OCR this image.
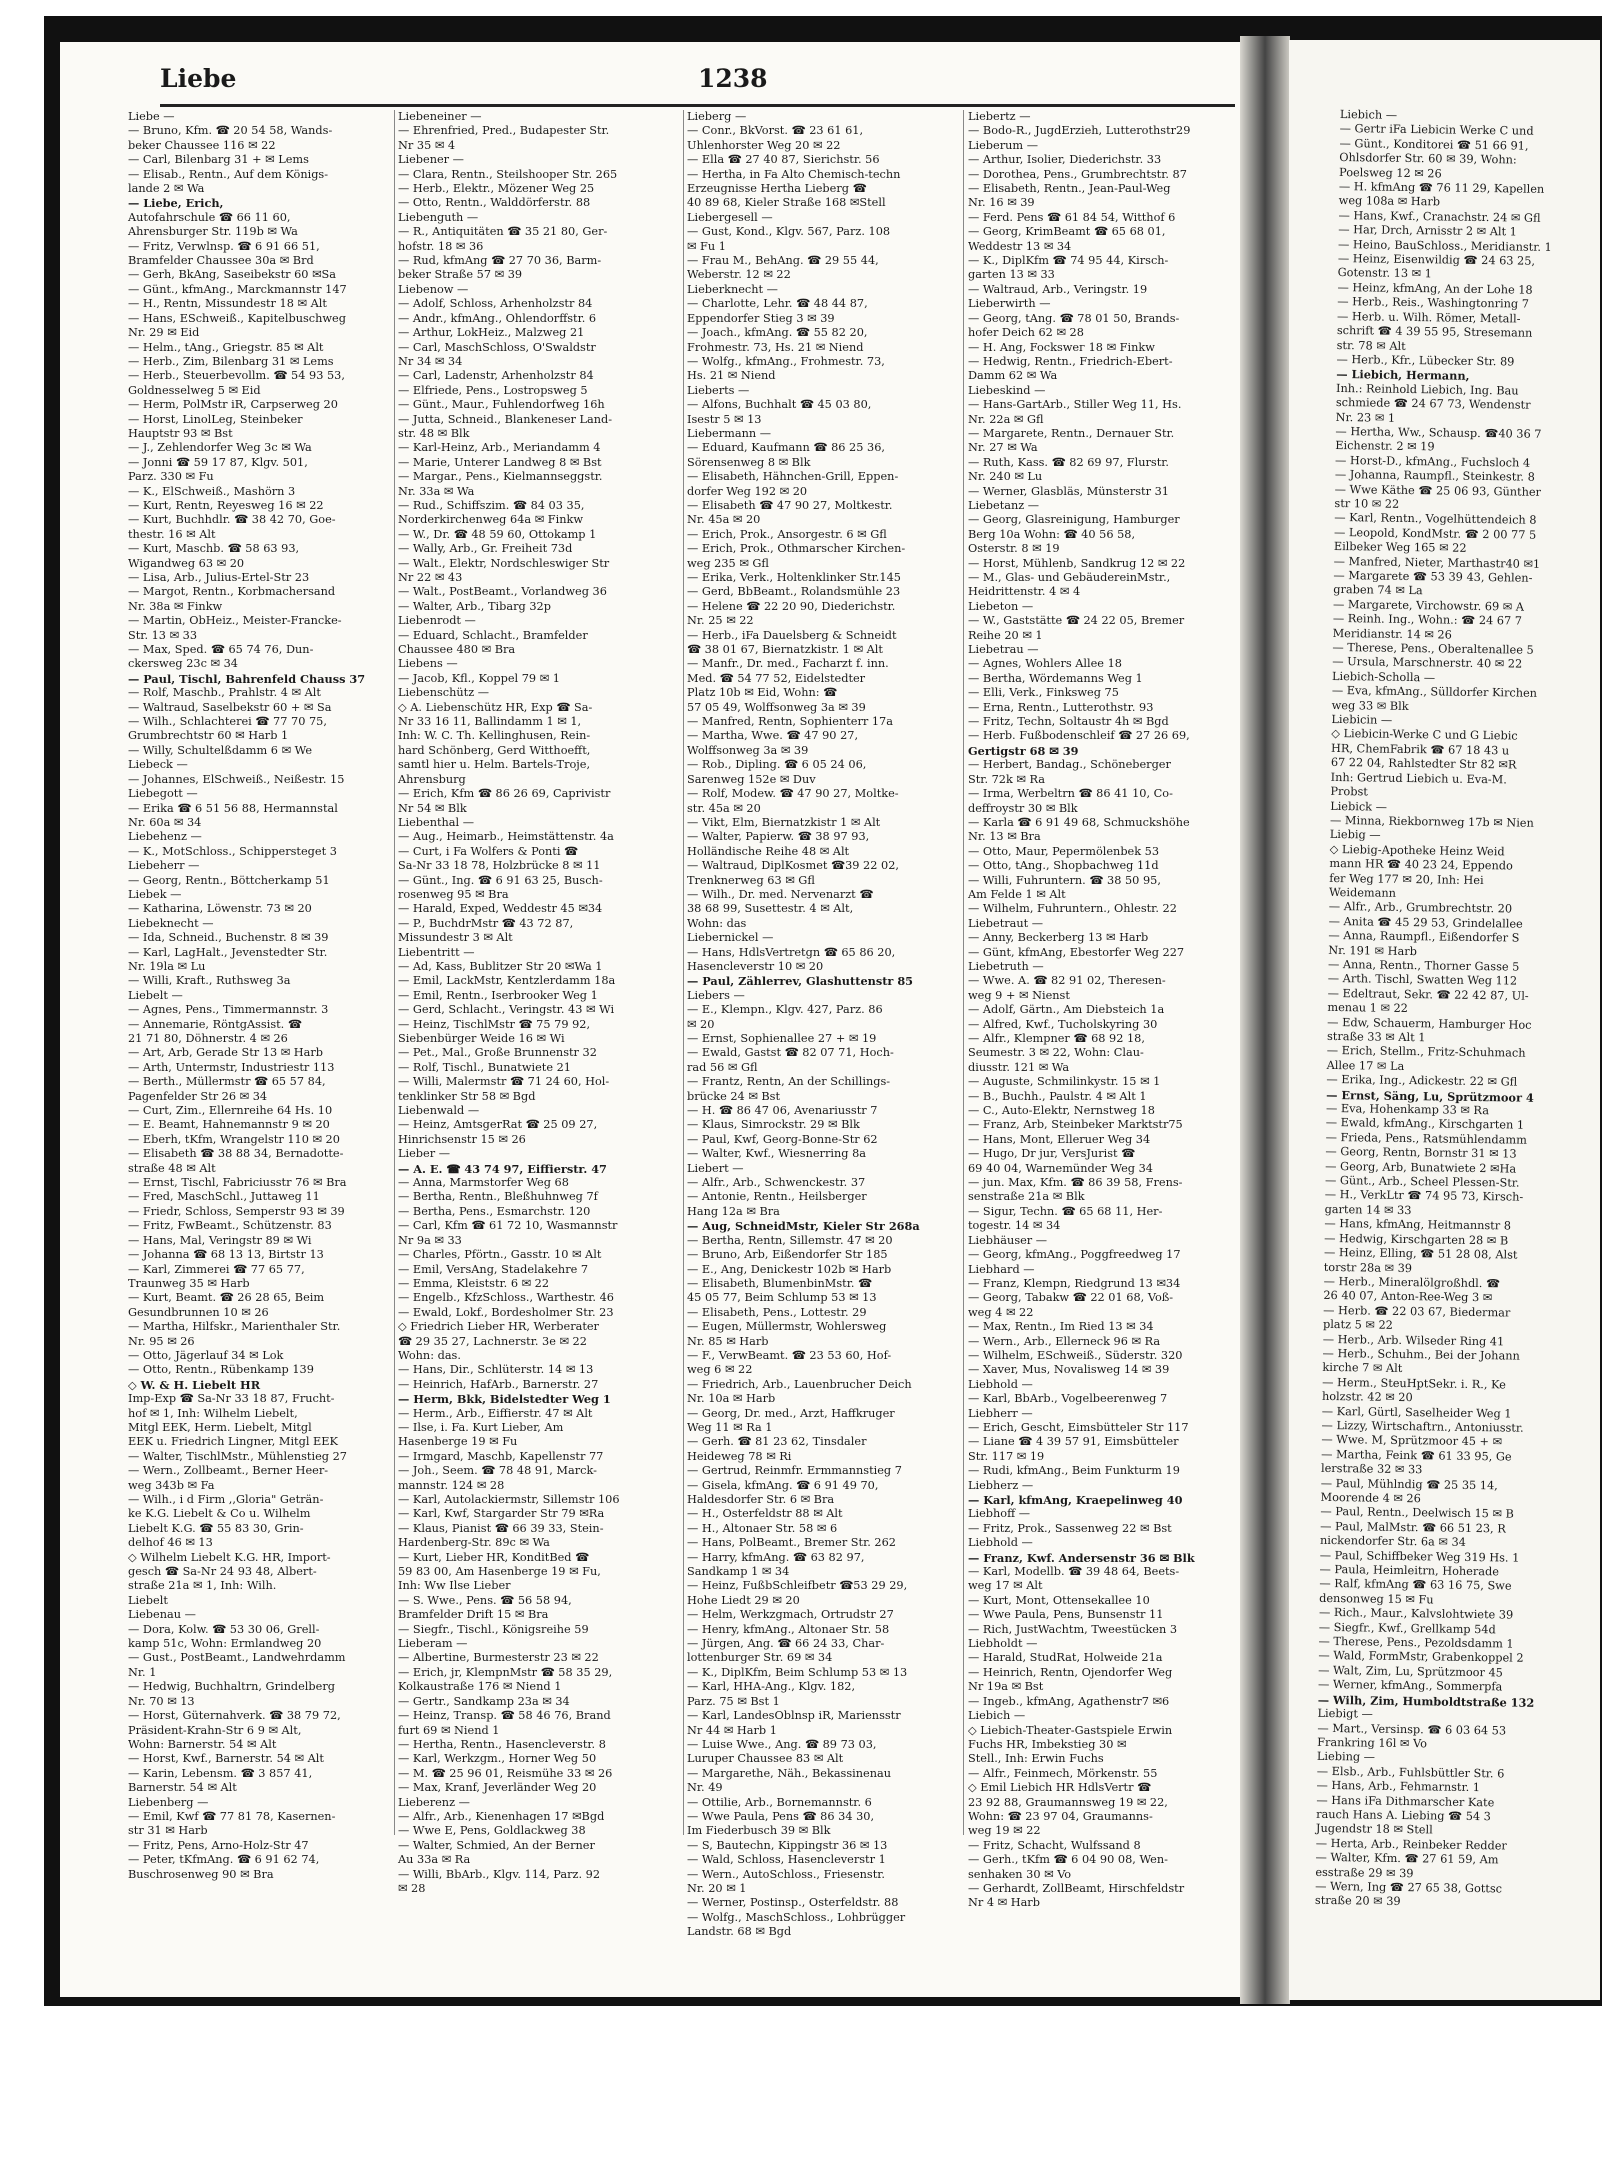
Liebe	1238
Liebe —
— Bruno, Kfm. ☎ 20 54 58, Wands-
beker Chaussee 116 ✉ 22
— Carl, Bilenbarg 31 + ✉ Lems
— Elisab., Rentn., Auf dem Königs-
lande 2 ✉ Wa
— Liebe, Erich,
Autofahrschule ☎ 66 11 60,
Ahrensburger Str. 119b ✉ Wa
— Fritz, Verwlnsp. ☎ 6 91 66 51,
Bramfelder Chaussee 30a ✉ Brd
— Gerh, BkAng, Saseibekstr 60 ✉Sa
— Günt., kfmAng., Marckmannstr 147
— H., Rentn, Missundestr 18 ✉ Alt
— Hans, ESchweiß., Kapitelbuschweg
Nr. 29 ✉ Eid
— Helm., tAng., Griegstr. 85 ✉ Alt
— Herb., Zim, Bilenbarg 31 ✉ Lems
— Herb., Steuerbevollm. ☎ 54 93 53,
Goldnesselweg 5 ✉ Eid
— Herm, PolMstr iR, Carpserweg 20
— Horst, LinolLeg, Steinbeker
Hauptstr 93 ✉ Bst
— J., Zehlendorfer Weg 3c ✉ Wa
— Jonni ☎ 59 17 87, Klgv. 501,
Parz. 330 ✉ Fu
— K., ElSchweiß., Mashörn 3
— Kurt, Rentn, Reyesweg 16 ✉ 22
— Kurt, Buchhdlr. ☎ 38 42 70, Goe-
thestr. 16 ✉ Alt
— Kurt, Maschb. ☎ 58 63 93,
Wigandweg 63 ✉ 20
— Lisa, Arb., Julius-Ertel-Str 23
— Margot, Rentn., Korbmachersand
Nr. 38a ✉ Finkw
— Martin, ObHeiz., Meister-Francke-
Str. 13 ✉ 33
— Max, Sped. ☎ 65 74 76, Dun-
ckersweg 23c ✉ 34
— Paul, Tischl, Bahrenfeld Chauss 37
— Rolf, Maschb., Prahlstr. 4 ✉ Alt
— Waltraud, Saselbekstr 60 + ✉ Sa
— Wilh., Schlachterei ☎ 77 70 75,
Grumbrechtstr 60 ✉ Harb 1
— Willy, Schultelßdamm 6 ✉ We
Liebeck —
— Johannes, ElSchweiß., Neißestr. 15
Liebegott —
— Erika ☎ 6 51 56 88, Hermannstal
Nr. 60a ✉ 34
Liebehenz —
— K., MotSchloss., Schippersteget 3
Liebeherr —
— Georg, Rentn., Böttcherkamp 51
Liebek —
— Katharina, Löwenstr. 73 ✉ 20
Liebeknecht —
— Ida, Schneid., Buchenstr. 8 ✉ 39
— Karl, LagHalt., Jevenstedter Str.
Nr. 19la ✉ Lu
— Willi, Kraft., Ruthsweg 3a
Liebelt —
— Agnes, Pens., Timmermannstr. 3
— Annemarie, RöntgAssist. ☎
21 71 80, Döhnerstr. 4 ✉ 26
— Art, Arb, Gerade Str 13 ✉ Harb
— Arth, Untermstr, Industriestr 113
— Berth., Müllermstr ☎ 65 57 84,
Pagenfelder Str 26 ✉ 34
— Curt, Zim., Ellernreihe 64 Hs. 10
— E. Beamt, Hahnemannstr 9 ✉ 20
— Eberh, tKfm, Wrangelstr 110 ✉ 20
— Elisabeth ☎ 38 88 34, Bernadotte-
straße 48 ✉ Alt
— Ernst, Tischl, Fabriciusstr 76 ✉ Bra
— Fred, MaschSchl., Juttaweg 11
— Friedr, Schloss, Semperstr 93 ✉ 39
— Fritz, FwBeamt., Schützenstr. 83
— Hans, Mal, Veringstr 89 ✉ Wi
— Johanna ☎ 68 13 13, Birtstr 13
— Karl, Zimmerei ☎ 77 65 77,
Traunweg 35 ✉ Harb
— Kurt, Beamt. ☎ 26 28 65, Beim
Gesundbrunnen 10 ✉ 26
— Martha, Hilfskr., Marienthaler Str.
Nr. 95 ✉ 26
— Otto, Jägerlauf 34 ✉ Lok
— Otto, Rentn., Rübenkamp 139
◇ W. & H. Liebelt HR
Imp-Exp ☎ Sa-Nr 33 18 87, Frucht-
hof ✉ 1, Inh: Wilhelm Liebelt,
Mitgl EEK, Herm. Liebelt, Mitgl
EEK u. Friedrich Lingner, Mitgl EEK
— Walter, TischlMstr., Mühlenstieg 27
— Wern., Zollbeamt., Berner Heer-
weg 343b ✉ Fa
— Wilh., i d Firm ,,Gloria" Geträn-
ke K.G. Liebelt & Co u. Wilhelm
Liebelt K.G. ☎ 55 83 30, Grin-
delhof 46 ✉ 13
◇ Wilhelm Liebelt K.G. HR, Import-
gesch ☎ Sa-Nr 24 93 48, Albert-
straße 21a ✉ 1, Inh: Wilh.
Liebelt
Liebenau —
— Dora, Kolw. ☎ 53 30 06, Grell-
kamp 51c, Wohn: Ermlandweg 20
— Gust., PostBeamt., Landwehrdamm
Nr. 1
— Hedwig, Buchhaltrn, Grindelberg
Nr. 70 ✉ 13
— Horst, Güternahverk. ☎ 38 79 72,
Präsident-Krahn-Str 6 9 ✉ Alt,
Wohn: Barnerstr. 54 ✉ Alt
— Horst, Kwf., Barnerstr. 54 ✉ Alt
— Karin, Lebensm. ☎ 3 857 41,
Barnerstr. 54 ✉ Alt
Liebenberg —
— Emil, Kwf ☎ 77 81 78, Kasernen-
str 31 ✉ Harb
— Fritz, Pens, Arno-Holz-Str 47
— Peter, tKfmAng. ☎ 6 91 62 74,
Buschrosenweg 90 ✉ Bra
Liebeneiner —
— Ehrenfried, Pred., Budapester Str.
Nr 35 ✉ 4
Liebener —
— Clara, Rentn., Steilshooper Str. 265
— Herb., Elektr., Mözener Weg 25
— Otto, Rentn., Walddörferstr. 88
Liebenguth —
— R., Antiquitäten ☎ 35 21 80, Ger-
hofstr. 18 ✉ 36
— Rud, kfmAng ☎ 27 70 36, Barm-
beker Straße 57 ✉ 39
Liebenow —
— Adolf, Schloss, Arhenholzstr 84
— Andr., kfmAng., Ohlendorffstr. 6
— Arthur, LokHeiz., Malzweg 21
— Carl, MaschSchloss, O'Swaldstr
Nr 34 ✉ 34
— Carl, Ladenstr, Arhenholzstr 84
— Elfriede, Pens., Lostropsweg 5
— Günt., Maur., Fuhlendorfweg 16h
— Jutta, Schneid., Blankeneser Land-
str. 48 ✉ Blk
— Karl-Heinz, Arb., Meriandamm 4
— Marie, Unterer Landweg 8 ✉ Bst
— Margar., Pens., Kielmannseggstr.
Nr. 33a ✉ Wa
— Rud., Schiffszim. ☎ 84 03 35,
Norderkirchenweg 64a ✉ Finkw
— W., Dr. ☎ 48 59 60, Ottokamp 1
— Wally, Arb., Gr. Freiheit 73d
— Walt., Elektr, Nordschleswiger Str
Nr 22 ✉ 43
— Walt., PostBeamt., Vorlandweg 36
— Walter, Arb., Tibarg 32p
Liebenrodt —
— Eduard, Schlacht., Bramfelder
Chaussee 480 ✉ Bra
Liebens —
— Jacob, Kfl., Koppel 79 ✉ 1
Liebenschütz —
◇ A. Liebenschütz HR, Exp ☎ Sa-
Nr 33 16 11, Ballindamm 1 ✉ 1,
Inh: W. C. Th. Kellinghusen, Rein-
hard Schönberg, Gerd Witthoefft,
samtl hier u. Helm. Bartels-Troje,
Ahrensburg
— Erich, Kfm ☎ 86 26 69, Caprivistr
Nr 54 ✉ Blk
Liebenthal —
— Aug., Heimarb., Heimstättenstr. 4a
— Curt, i Fa Wolfers & Ponti ☎
Sa-Nr 33 18 78, Holzbrücke 8 ✉ 11
— Günt., Ing. ☎ 6 91 63 25, Busch-
rosenweg 95 ✉ Bra
— Harald, Exped, Weddestr 45 ✉34
— P., BuchdrMstr ☎ 43 72 87,
Missundestr 3 ✉ Alt
Liebentritt —
— Ad, Kass, Bublitzer Str 20 ✉Wa 1
— Emil, LackMstr, Kentzlerdamm 18a
— Emil, Rentn., Iserbrooker Weg 1
— Gerd, Schlacht., Veringstr. 43 ✉ Wi
— Heinz, TischlMstr ☎ 75 79 92,
Siebenbürger Weide 16 ✉ Wi
— Pet., Mal., Große Brunnenstr 32
— Rolf, Tischl., Bunatwiete 21
— Willi, Malermstr ☎ 71 24 60, Hol-
tenklinker Str 58 ✉ Bgd
Liebenwald —
— Heinz, AmtsgerRat ☎ 25 09 27,
Hinrichsenstr 15 ✉ 26
Lieber —
— A. E. ☎ 43 74 97, Eiffierstr. 47
— Anna, Marmstorfer Weg 68
— Bertha, Rentn., Bleßhuhnweg 7f
— Bertha, Pens., Esmarchstr. 120
— Carl, Kfm ☎ 61 72 10, Wasmannstr
Nr 9a ✉ 33
— Charles, Pförtn., Gasstr. 10 ✉ Alt
— Emil, VersAng, Stadelakehre 7
— Emma, Kleiststr. 6 ✉ 22
— Engelb., KfzSchloss., Warthestr. 46
— Ewald, Lokf., Bordesholmer Str. 23
◇ Friedrich Lieber HR, Werberater
☎ 29 35 27, Lachnerstr. 3e ✉ 22
Wohn: das.
— Hans, Dir., Schlüterstr. 14 ✉ 13
— Heinrich, HafArb., Barnerstr. 27
— Herm, Bkk, Bidelstedter Weg 1
— Herm., Arb., Eiffierstr. 47 ✉ Alt
— Ilse, i. Fa. Kurt Lieber, Am
Hasenberge 19 ✉ Fu
— Irmgard, Maschb, Kapellenstr 77
— Joh., Seem. ☎ 78 48 91, Marck-
mannstr. 124 ✉ 28
— Karl, Autolackiermstr, Sillemstr 106
— Karl, Kwf, Stargarder Str 79 ✉Ra
— Klaus, Pianist ☎ 66 39 33, Stein-
Hardenberg-Str. 89c ✉ Wa
— Kurt, Lieber HR, KonditBed ☎
59 83 00, Am Hasenberge 19 ✉ Fu,
Inh: Ww Ilse Lieber
— S. Wwe., Pens. ☎ 56 58 94,
Bramfelder Drift 15 ✉ Bra
— Siegfr., Tischl., Königsreihe 59
Lieberam —
— Albertine, Burmesterstr 23 ✉ 22
— Erich, jr, KlempnMstr ☎ 58 35 29,
Kolkaustraße 176 ✉ Niend 1
— Gertr., Sandkamp 23a ✉ 34
— Heinz, Transp. ☎ 58 46 76, Brand
furt 69 ✉ Niend 1
— Hertha, Rentn., Hasencleverstr. 8
— Karl, Werkzgm., Horner Weg 50
— M. ☎ 25 96 01, Reismühe 33 ✉ 26
— Max, Kranf, Jeverländer Weg 20
Lieberenz —
— Alfr., Arb., Kienenhagen 17 ✉Bgd
— Wwe E, Pens, Goldlackweg 38
— Walter, Schmied, An der Berner
Au 33a ✉ Ra
— Willi, BbArb., Klgv. 114, Parz. 92
✉ 28
Lieberg —
— Conr., BkVorst. ☎ 23 61 61,
Uhlenhorster Weg 20 ✉ 22
— Ella ☎ 27 40 87, Sierichstr. 56
— Hertha, in Fa Alto Chemisch-techn
Erzeugnisse Hertha Lieberg ☎
40 89 68, Kieler Straße 168 ✉Stell
Liebergesell —
— Gust, Kond., Klgv. 567, Parz. 108
✉ Fu 1
— Frau M., BehAng. ☎ 29 55 44,
Weberstr. 12 ✉ 22
Lieberknecht —
— Charlotte, Lehr. ☎ 48 44 87,
Eppendorfer Stieg 3 ✉ 39
— Joach., kfmAng. ☎ 55 82 20,
Frohmestr. 73, Hs. 21 ✉ Niend
— Wolfg., kfmAng., Frohmestr. 73,
Hs. 21 ✉ Niend
Lieberts —
— Alfons, Buchhalt ☎ 45 03 80,
Isestr 5 ✉ 13
Liebermann —
— Eduard, Kaufmann ☎ 86 25 36,
Sörensenweg 8 ✉ Blk
— Elisabeth, Hähnchen-Grill, Eppen-
dorfer Weg 192 ✉ 20
— Elisabeth ☎ 47 90 27, Moltkestr.
Nr. 45a ✉ 20
— Erich, Prok., Ansorgestr. 6 ✉ Gfl
— Erich, Prok., Othmarscher Kirchen-
weg 235 ✉ Gfl
— Erika, Verk., Holtenklinker Str.145
— Gerd, BbBeamt., Rolandsmühle 23
— Helene ☎ 22 20 90, Diederichstr.
Nr. 25 ✉ 22
— Herb., iFa Dauelsberg & Schneidt
☎ 38 01 67, Biernatzkistr. 1 ✉ Alt
— Manfr., Dr. med., Facharzt f. inn.
Med. ☎ 54 77 52, Eidelstedter
Platz 10b ✉ Eid, Wohn: ☎
57 05 49, Wolffsonweg 3a ✉ 39
— Manfred, Rentn, Sophienterr 17a
— Martha, Wwe. ☎ 47 90 27,
Wolffsonweg 3a ✉ 39
— Rob., Dipling. ☎ 6 05 24 06,
Sarenweg 152e ✉ Duv
— Rolf, Modew. ☎ 47 90 27, Moltke-
str. 45a ✉ 20
— Vikt, Elm, Biernatzkistr 1 ✉ Alt
— Walter, Papierw. ☎ 38 97 93,
Holländische Reihe 48 ✉ Alt
— Waltraud, DiplKosmet ☎39 22 02,
Trenknerweg 63 ✉ Gfl
— Wilh., Dr. med. Nervenarzt ☎
38 68 99, Susettestr. 4 ✉ Alt,
Wohn: das
Liebernickel —
— Hans, HdlsVertretgn ☎ 65 86 20,
Hasencleverstr 10 ✉ 20
— Paul, Zählerrev, Glashuttenstr 85
Liebers —
— E., Klempn., Klgv. 427, Parz. 86
✉ 20
— Ernst, Sophienallee 27 + ✉ 19
— Ewald, Gastst ☎ 82 07 71, Hoch-
rad 56 ✉ Gfl
— Frantz, Rentn, An der Schillings-
brücke 24 ✉ Bst
— H. ☎ 86 47 06, Avenariusstr 7
— Klaus, Simrockstr. 29 ✉ Blk
— Paul, Kwf, Georg-Bonne-Str 62
— Walter, Kwf., Wiesnerring 8a
Liebert —
— Alfr., Arb., Schwenckestr. 37
— Antonie, Rentn., Heilsberger
Hang 12a ✉ Bra
— Aug, SchneidMstr, Kieler Str 268a
— Bertha, Rentn, Sillemstr. 47 ✉ 20
— Bruno, Arb, Eißendorfer Str 185
— E., Ang, Denickestr 102b ✉ Harb
— Elisabeth, BlumenbinMstr. ☎
45 05 77, Beim Schlump 53 ✉ 13
— Elisabeth, Pens., Lottestr. 29
— Eugen, Müllermstr, Wohlersweg
Nr. 85 ✉ Harb
— F., VerwBeamt. ☎ 23 53 60, Hof-
weg 6 ✉ 22
— Friedrich, Arb., Lauenbrucher Deich
Nr. 10a ✉ Harb
— Georg, Dr. med., Arzt, Haffkruger
Weg 11 ✉ Ra 1
— Gerh. ☎ 81 23 62, Tinsdaler
Heideweg 78 ✉ Ri
— Gertrud, Reinmfr. Ermmannstieg 7
— Gisela, kfmAng. ☎ 6 91 49 70,
Haldesdorfer Str. 6 ✉ Bra
— H., Osterfeldstr 88 ✉ Alt
— H., Altonaer Str. 58 ✉ 6
— Hans, PolBeamt., Bremer Str. 262
— Harry, kfmAng. ☎ 63 82 97,
Sandkamp 1 ✉ 34
— Heinz, FußbSchleifbetr ☎53 29 29,
Hohe Liedt 29 ✉ 20
— Helm, Werkzgmach, Ortrudstr 27
— Henry, kfmAng., Altonaer Str. 58
— Jürgen, Ang. ☎ 66 24 33, Char-
lottenburger Str. 69 ✉ 34
— K., DiplKfm, Beim Schlump 53 ✉ 13
— Karl, HHA-Ang., Klgv. 182,
Parz. 75 ✉ Bst 1
— Karl, LandesOblnsp iR, Mariensstr
Nr 44 ✉ Harb 1
— Luise Wwe., Ang. ☎ 89 73 03,
Luruper Chaussee 83 ✉ Alt
— Margarethe, Näh., Bekassinenau
Nr. 49
— Ottilie, Arb., Bornemannstr. 6
— Wwe Paula, Pens ☎ 86 34 30,
Im Fiederbusch 39 ✉ Blk
— S, Bautechn, Kippingstr 36 ✉ 13
— Wald, Schloss, Hasencleverstr 1
— Wern., AutoSchloss., Friesenstr.
Nr. 20 ✉ 1
— Werner, Postinsp., Osterfeldstr. 88
— Wolfg., MaschSchloss., Lohbrügger
Landstr. 68 ✉ Bgd
Liebertz —
— Bodo-R., JugdErzieh, Lutterothstr29
Lieberum —
— Arthur, Isolier, Diederichstr. 33
— Dorothea, Pens., Grumbrechtstr. 87
— Elisabeth, Rentn., Jean-Paul-Weg
Nr. 16 ✉ 39
— Ferd. Pens ☎ 61 84 54, Witthof 6
— Georg, KrimBeamt ☎ 65 68 01,
Weddestr 13 ✉ 34
— K., DiplKfm ☎ 74 95 44, Kirsch-
garten 13 ✉ 33
— Waltraud, Arb., Veringstr. 19
Lieberwirth —
— Georg, tAng. ☎ 78 01 50, Brands-
hofer Deich 62 ✉ 28
— H. Ang, Fockswег 18 ✉ Finkw
— Hedwig, Rentn., Friedrich-Ebert-
Damm 62 ✉ Wa
Liebeskind —
— Hans-GartArb., Stiller Weg 11, Hs.
Nr. 22a ✉ Gfl
— Margarete, Rentn., Dernauer Str.
Nr. 27 ✉ Wa
— Ruth, Kass. ☎ 82 69 97, Flurstr.
Nr. 240 ✉ Lu
— Werner, Glasbläs, Münsterstr 31
Liebetanz —
— Georg, Glasreinigung, Hamburger
Berg 10a Wohn: ☎ 40 56 58,
Osterstr. 8 ✉ 19
— Horst, Mühlenb, Sandkrug 12 ✉ 22
— M., Glas- und GebäudereinMstr.,
Heidrittenstr. 4 ✉ 4
Liebeton —
— W., Gaststätte ☎ 24 22 05, Bremer
Reihe 20 ✉ 1
Liebetrau —
— Agnes, Wohlers Allee 18
— Bertha, Wördemanns Weg 1
— Elli, Verk., Finksweg 75
— Erna, Rentn., Lutterothstr. 93
— Fritz, Techn, Soltaustr 4h ✉ Bgd
— Herb. Fußbodenschleif ☎ 27 26 69,
Gertigstr 68 ✉ 39
— Herbert, Bandag., Schöneberger
Str. 72k ✉ Ra
— Irma, Werbeltrn ☎ 86 41 10, Co-
deffroystr 30 ✉ Blk
— Karla ☎ 6 91 49 68, Schmuckshöhe
Nr. 13 ✉ Bra
— Otto, Maur, Pepermölenbek 53
— Otto, tAng., Shopbachweg 11d
— Willi, Fuhruntern. ☎ 38 50 95,
Am Felde 1 ✉ Alt
— Wilhelm, Fuhruntern., Ohlestr. 22
Liebetraut —
— Anny, Beckerberg 13 ✉ Harb
— Günt, kfmAng, Ebestorfer Weg 227
Liebetruth —
— Wwe. A. ☎ 82 91 02, Theresen-
weg 9 + ✉ Nienst
— Adolf, Gärtn., Am Diebsteich 1a
— Alfred, Kwf., Tucholskyring 30
— Alfr., Klempner ☎ 68 92 18,
Seumestr. 3 ✉ 22, Wohn: Clau-
diusstr. 121 ✉ Wa
— Auguste, Schmilinkystr. 15 ✉ 1
— B., Buchh., Paulstr. 4 ✉ Alt 1
— C., Auto-Elektr, Nernstweg 18
— Franz, Arb, Steinbeker Marktstr75
— Hans, Mont, Elleruer Weg 34
— Hugo, Dr jur, VersJurist ☎
69 40 04, Warnemünder Weg 34
— jun. Max, Kfm. ☎ 86 39 58, Frens-
senstraße 21a ✉ Blk
— Sigur, Techn. ☎ 65 68 11, Her-
togestr. 14 ✉ 34
Liebhäuser —
— Georg, kfmAng., Poggfreedweg 17
Liebhard —
— Franz, Klempn, Riedgrund 13 ✉34
— Georg, Tabakw ☎ 22 01 68, Voß-
weg 4 ✉ 22
— Max, Rentn., Im Ried 13 ✉ 34
— Wern., Arb., Ellerneck 96 ✉ Ra
— Wilhelm, ESchweiß., Süderstr. 320
— Xaver, Mus, Novalisweg 14 ✉ 39
Liebhold —
— Karl, BbArb., Vogelbeerenweg 7
Liebherr —
— Erich, Gescht, Eimsbütteler Str 117
— Liane ☎ 4 39 57 91, Eimsbütteler
Str. 117 ✉ 19
— Rudi, kfmAng., Beim Funkturm 19
Liebherz —
— Karl, kfmAng, Kraepelinweg 40
Liebhoff —
— Fritz, Prok., Sassenweg 22 ✉ Bst
Liebhold —
— Franz, Kwf. Andersenstr 36 ✉ Blk
— Karl, Modellb. ☎ 39 48 64, Beets-
weg 17 ✉ Alt
— Kurt, Mont, Ottensekallee 10
— Wwe Paula, Pens, Bunsenstr 11
— Rich, JustWachtm, Tweestücken 3
Liebholdt —
— Harald, StudRat, Holweide 21a
— Heinrich, Rentn, Ojendorfer Weg
Nr 19a ✉ Bst
— Ingeb., kfmAng, Agathenstr7 ✉6
Liebich —
◇ Liebich-Theater-Gastspiele Erwin
Fuchs HR, Imbekstieg 30 ✉
Stell., Inh: Erwin Fuchs
— Alfr., Feinmech, Mörkenstr. 55
◇ Emil Liebich HR HdlsVertr ☎
23 92 88, Graumannsweg 19 ✉ 22,
Wohn: ☎ 23 97 04, Graumanns-
weg 19 ✉ 22
— Fritz, Schacht, Wulfssand 8
— Gerh., tKfm ☎ 6 04 90 08, Wen-
senhaken 30 ✉ Vo
— Gerhardt, ZollBeamt, Hirschfeldstr
Nr 4 ✉ Harb
Liebich —
— Gertr iFa Liebicin Werke C und
— Günt., Konditorei ☎ 51 66 91,
Ohlsdorfer Str. 60 ✉ 39, Wohn:
Poelsweg 12 ✉ 26
— H. kfmAng ☎ 76 11 29, Kapellen
weg 108a ✉ Harb
— Hans, Kwf., Cranachstr. 24 ✉ Gfl
— Har, Drch, Arnisstr 2 ✉ Alt 1
— Heino, BauSchloss., Meridianstr. 1
— Heinz, Eisenwildig ☎ 24 63 25,
Gotenstr. 13 ✉ 1
— Heinz, kfmAng, An der Lohe 18
— Herb., Reis., Washingtonring 7
— Herb. u. Wilh. Römer, Metall-
schrift ☎ 4 39 55 95, Stresemann
str. 78 ✉ Alt
— Herb., Kfr., Lübecker Str. 89
— Liebich, Hermann,
Inh.: Reinhold Liebich, Ing. Bau
schmiede ☎ 24 67 73, Wendenstr
Nr. 23 ✉ 1
— Hertha, Ww., Schausp. ☎40 36 7
Eichenstr. 2 ✉ 19
— Horst-D., kfmAng., Fuchsloch 4
— Johanna, Raumpfl., Steinkestr. 8
— Wwe Käthe ☎ 25 06 93, Günther
str 10 ✉ 22
— Karl, Rentn., Vogelhüttendeich 8
— Leopold, KondMstr. ☎ 2 00 77 5
Eilbeker Weg 165 ✉ 22
— Manfred, Nieter, Marthastr40 ✉1
— Margarete ☎ 53 39 43, Gehlen-
graben 74 ✉ La
— Margarete, Virchowstr. 69 ✉ A
— Reinh. Ing., Wohn.: ☎ 24 67 7
Meridianstr. 14 ✉ 26
— Therese, Pens., Oberaltenallee 5
— Ursula, Marschnerstr. 40 ✉ 22
Liebich-Scholla —
— Eva, kfmAng., Sülldorfer Kirchen
weg 33 ✉ Blk
Liebicin —
◇ Liebicin-Werke C und G Liebic
HR, ChemFabrik ☎ 67 18 43 u
67 22 04, Rahlstedter Str 82 ✉R
Inh: Gertrud Liebich u. Eva-M.
Probst
Liebick —
— Minna, Riekbornweg 17b ✉ Nien
Liebig —
◇ Liebig-Apotheke Heinz Weid
mann HR ☎ 40 23 24, Eppendo
fer Weg 177 ✉ 20, Inh: Hei
Weidemann
— Alfr., Arb., Grumbrechtstr. 20
— Anita ☎ 45 29 53, Grindelallee
— Anna, Raumpfl., Eißendorfer S
Nr. 191 ✉ Harb
— Anna, Rentn., Thorner Gasse 5
— Arth. Tischl, Swatten Weg 112
— Edeltraut, Sekr. ☎ 22 42 87, Ul-
menau 1 ✉ 22
— Edw, Schauerm, Hamburger Hoc
straße 33 ✉ Alt 1
— Erich, Stellm., Fritz-Schuhmach
Allee 17 ✉ La
— Erika, Ing., Adickestr. 22 ✉ Gfl
— Ernst, Säng, Lu, Sprützmoor 4
— Eva, Hohenkamp 33 ✉ Ra
— Ewald, kfmAng., Kirschgarten 1
— Frieda, Pens., Ratsmühlendamm
— Georg, Rentn, Bornstr 31 ✉ 13
— Georg, Arb, Bunatwiete 2 ✉Ha
— Günt., Arb., Scheel Plessen-Str.
— H., VerkLtr ☎ 74 95 73, Kirsch-
garten 14 ✉ 33
— Hans, kfmAng, Heitmannstr 8
— Hedwig, Kirschgarten 28 ✉ B
— Heinz, Elling, ☎ 51 28 08, Alst
torstr 28a ✉ 39
— Herb., Mineralölgroßhdl. ☎
26 40 07, Anton-Ree-Weg 3 ✉
— Herb. ☎ 22 03 67, Biedermar
platz 5 ✉ 22
— Herb., Arb. Wilseder Ring 41
— Herb., Schuhm., Bei der Johann
kirche 7 ✉ Alt
— Herm., SteuHptSekr. i. R., Ke
holzstr. 42 ✉ 20
— Karl, Gürtl, Saselheider Weg 1
— Lizzy, Wirtschaftrn., Antoniusstr.
— Wwe. M, Sprützmoor 45 + ✉
— Martha, Feink ☎ 61 33 95, Ge
lerstraße 32 ✉ 33
— Paul, Mühlndig ☎ 25 35 14,
Moorende 4 ✉ 26
— Paul, Rentn., Deelwisch 15 ✉ B
— Paul, MalMstr. ☎ 66 51 23, R
nickendorfer Str. 6a ✉ 34
— Paul, Schiffbeker Weg 319 Hs. 1
— Paula, Heimleitrn, Hoherade
— Ralf, kfmAng ☎ 63 16 75, Swe
densonweg 15 ✉ Fu
— Rich., Maur., Kalvslohtwiete 39
— Siegfr., Kwf., Grellkamp 54d
— Therese, Pens., Pezoldsdamm 1
— Wald, FormMstr, Grabenkoppel 2
— Walt, Zim, Lu, Sprützmoor 45
— Werner, kfmAng., Sommerpfa
— Wilh, Zim, Humboldtstraße 132
Liebigt —
— Mart., Versinsp. ☎ 6 03 64 53
Frankring 16l ✉ Vo
Liebing —
— Elsb., Arb., Fuhlsbüttler Str. 6
— Hans, Arb., Fehmarnstr. 1
— Hans iFa Dithmarscher Kate
rauch Hans A. Liebing ☎ 54 3
Jugendstr 18 ✉ Stell
— Herta, Arb., Reinbeker Redder
— Walter, Kfm. ☎ 27 61 59, Am
esstraße 29 ✉ 39
— Wern, Ing ☎ 27 65 38, Gottsc
straße 20 ✉ 39
